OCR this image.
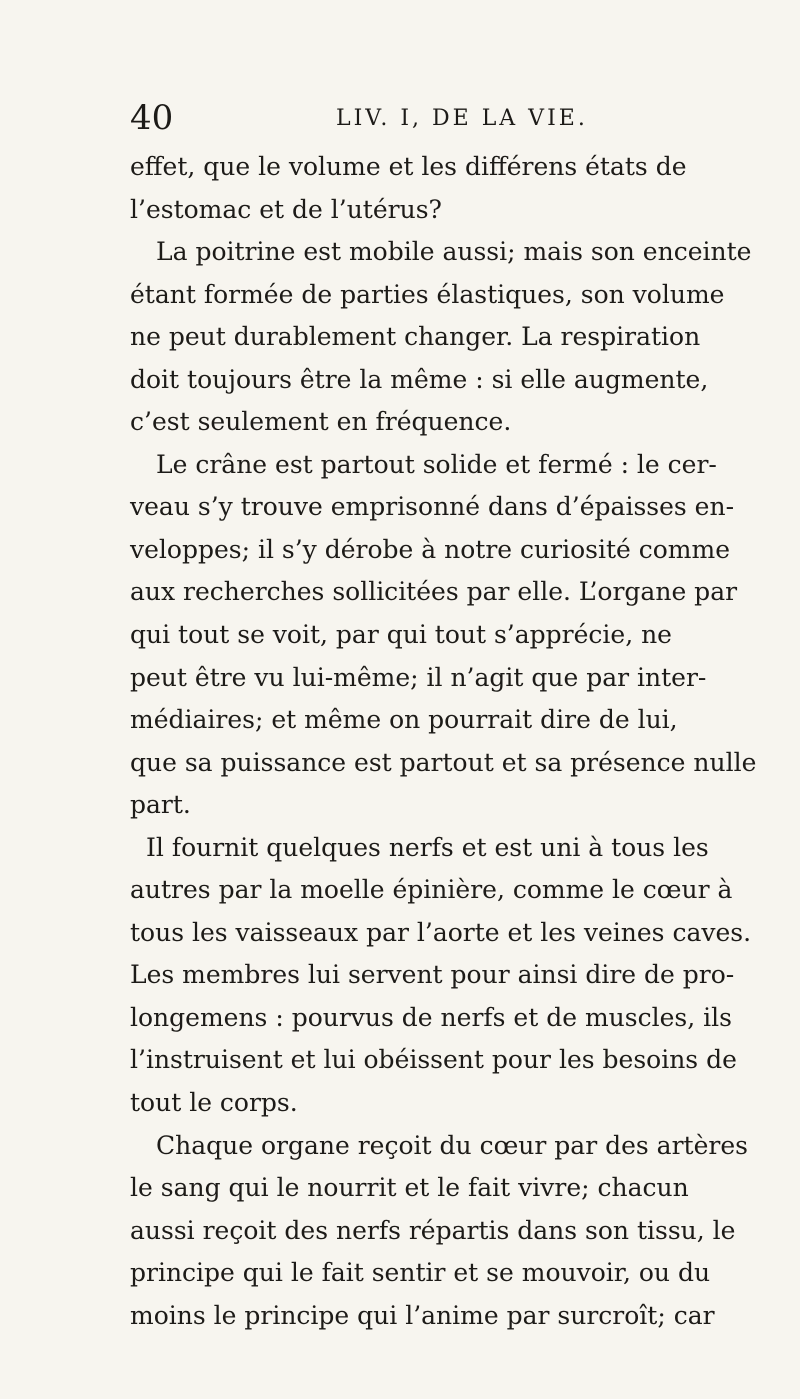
40	LIV. I, DE LA VIE.
effet, que le volume et les différens états de
l’estomac et de l’utérus?
La poitrine est mobile aussi; mais son enceinte
étant formée de parties élastiques, son volume
ne peut durablement changer. La respiration
doit toujours être la même : si elle augmente,
c’est seulement en fréquence.
Le crâne est partout solide et fermé : le cer-
veau s’y trouve emprisonné dans d’épaisses en-
veloppes; il s’y dérobe à notre curiosité comme
aux recherches sollicitées par elle. L’organe par
qui tout se voit, par qui tout s’apprécie, ne
peut être vu lui-même; il n’agit que par inter-
médiaires; et même on pourrait dire de lui,
que sa puissance est partout et sa présence nulle
part.
Il fournit quelques nerfs et est uni à tous les
autres par la moelle épinière, comme le cœur à
tous les vaisseaux par l’aorte et les veines caves.
Les membres lui servent pour ainsi dire de pro-
longemens : pourvus de nerfs et de muscles, ils
l’instruisent et lui obéissent pour les besoins de
tout le corps.
Chaque organe reçoit du cœur par des artères
le sang qui le nourrit et le fait vivre; chacun
aussi reçoit des nerfs répartis dans son tissu, le
principe qui le fait sentir et se mouvoir, ou du
moins le principe qui l’anime par surcroît; car
